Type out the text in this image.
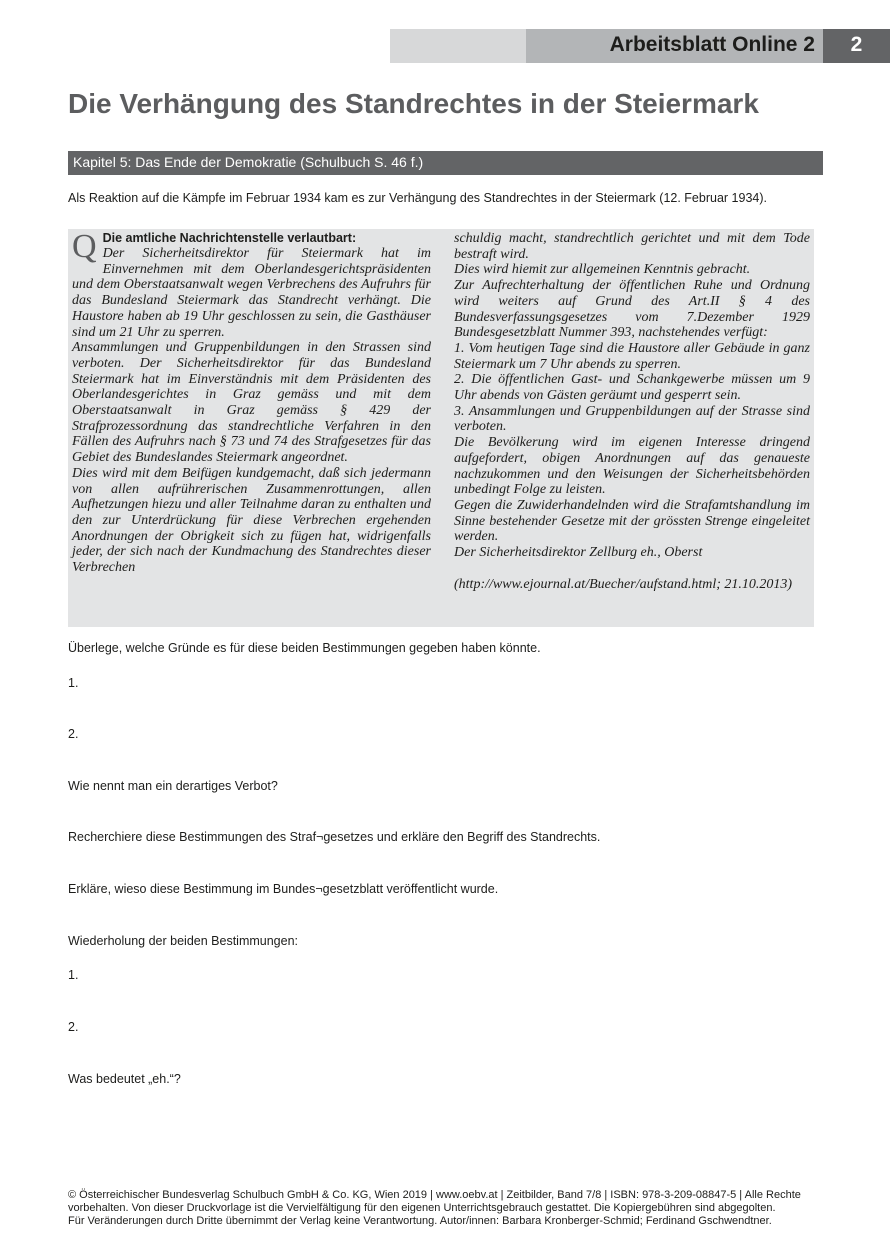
Arbeitsblatt Online 2	2
Die Verhängung des Standrechtes in der Steiermark
Kapitel 5: Das Ende der Demokratie (Schulbuch S. 46 f.)
Als Reaktion auf die Kämpfe im Februar 1934 kam es zur Verhängung des Standrechtes in der Steiermark (12. Februar 1934).
Q Die amtliche Nachrichtenstelle verlautbart:
Der Sicherheitsdirektor für Steiermark hat im Einvernehmen mit dem Oberlandesgerichtspräsidenten und dem Oberstaatsanwalt wegen Verbrechens des Aufruhrs für das Bundesland Steiermark das Standrecht verhängt. Die Haustore haben ab 19 Uhr geschlossen zu sein, die Gasthäuser sind um 21 Uhr zu sperren.
Ansammlungen und Gruppenbildungen in den Strassen sind verboten. Der Sicherheitsdirektor für das Bundesland Steiermark hat im Einverständnis mit dem Präsidenten des Oberlandesgerichtes in Graz gemäss und mit dem Oberstaatsanwalt in Graz gemäss § 429 der Strafprozessordnung das standrechtliche Verfahren in den Fällen des Aufruhrs nach § 73 und 74 des Strafgesetzes für das Gebiet des Bundeslandes Steiermark angeordnet.
Dies wird mit dem Beifügen kundgemacht, daß sich jedermann von allen aufrührerischen Zusammenrottungen, allen Aufhetzungen hiezu und aller Teilnahme daran zu enthalten und den zur Unterdrückung für diese Verbrechen ergehenden Anordnungen der Obrigkeit sich zu fügen hat, widrigenfalls jeder, der sich nach der Kundmachung des Standrechtes dieser Verbrechen
schuldig macht, standrechtlich gerichtet und mit dem Tode bestraft wird.
Dies wird hiemit zur allgemeinen Kenntnis gebracht.
Zur Aufrechterhaltung der öffentlichen Ruhe und Ordnung wird weiters auf Grund des Art.II § 4 des Bundesverfassungsgesetzes vom 7.Dezember 1929 Bundesgesetzblatt Nummer 393, nachstehendes verfügt:
1. Vom heutigen Tage sind die Haustore aller Gebäude in ganz Steiermark um 7 Uhr abends zu sperren.
2. Die öffentlichen Gast- und Schankgewerbe müssen um 9 Uhr abends von Gästen geräumt und gesperrt sein.
3. Ansammlungen und Gruppenbildungen auf der Strasse sind verboten.
Die Bevölkerung wird im eigenen Interesse dringend aufgefordert, obigen Anordnungen auf das genaueste nachzukommen und den Weisungen der Sicherheitsbehörden unbedingt Folge zu leisten.
Gegen die Zuwiderhandelnden wird die Strafamtshandlung im Sinne bestehender Gesetze mit der grössten Strenge eingeleitet werden.
Der Sicherheitsdirektor Zellburg eh., Oberst
(http://www.ejournal.at/Buecher/aufstand.html; 21.10.2013)
Überlege, welche Gründe es für diese beiden Bestimmungen gegeben haben könnte.
1.
2.
Wie nennt man ein derartiges Verbot?
Recherchiere diese Bestimmungen des Straf¬gesetzes und erkläre den Begriff des Standrechts.
Erkläre, wieso diese Bestimmung im Bundes¬gesetzblatt veröffentlicht wurde.
Wiederholung der beiden Bestimmungen:
1.
2.
Was bedeutet „eh.“?
© Österreichischer Bundesverlag Schulbuch GmbH & Co. KG, Wien 2019 | www.oebv.at | Zeitbilder, Band 7/8 | ISBN: 978-3-209-08847-5 | Alle Rechte
vorbehalten. Von dieser Druckvorlage ist die Vervielfältigung für den eigenen Unterrichtsgebrauch gestattet. Die Kopiergebühren sind abgegolten.
Für Veränderungen durch Dritte übernimmt der Verlag keine Verantwortung. Autor/innen: Barbara Kronberger-Schmid; Ferdinand Gschwendtner.
